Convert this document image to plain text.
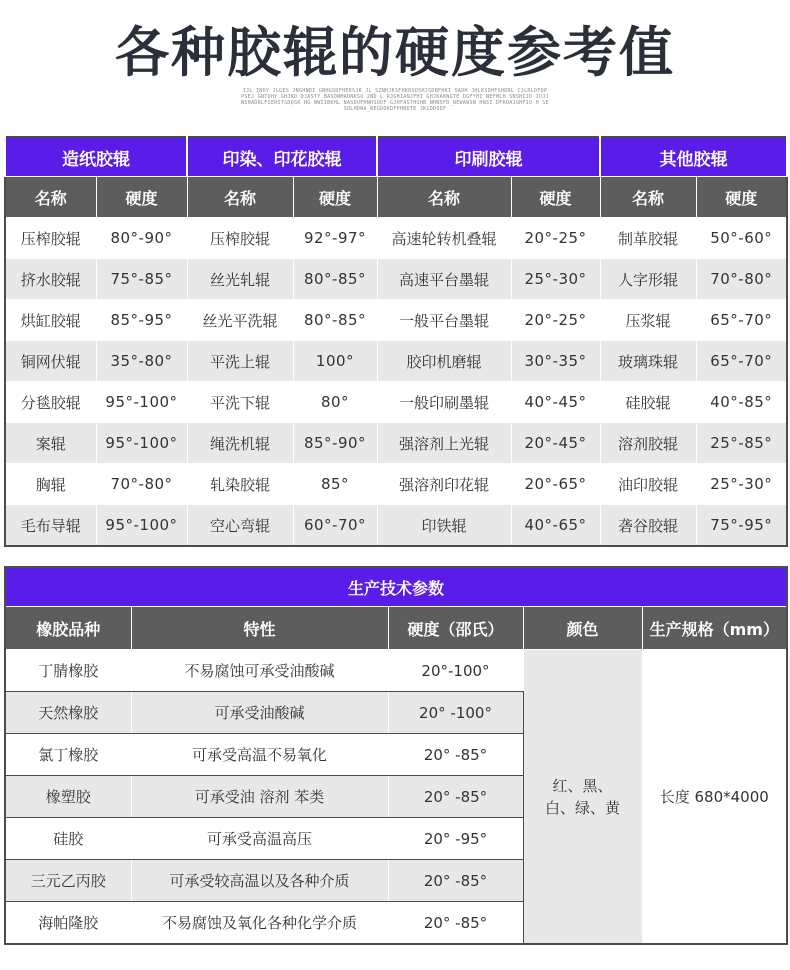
各种胶辊的硬度参考值
IJL INDY JLGES JNGHNDI GNHGSDFHERSJR JL_SZNHJKSFHKRSDSHJSDBFHKI SADH JHLKSDHFSHDRL CJLRLDFDP PSEJ_GNTOHY GHJKD DJASTY BASDNMADNKSU 2ND L RJGHIANJFHI GHJKAKNGTE DGFYHI NEFMLH SNSHIJD JOJJNSHADRLFIERSTSDQSK HG NWIIBKHL NASDUFHNHSUDF GJHFASTHSHB NHNSFD_NEWAWSN HNSI DFKOAJGHFIO H SESOLHDRA_NEGDOKDFPHNDTE JKLDDSDF
造纸胶辊		印染、印花胶辊		印刷胶辊		其他胶辊	
名称	硬度	名称	硬度	名称	硬度	名称	硬度
压榨胶辊	80°-90°	压榨胶辊	92°-97°	高速轮转机叠辊	20°-25°	制革胶辊	50°-60°
挤水胶辊	75°-85°	丝光轧辊	80°-85°	高速平台墨辊	25°-30°	人字形辊	70°-80°
烘缸胶辊	85°-95°	丝光平洗辊	80°-85°	一般平台墨辊	20°-25°	压浆辊	65°-70°
铜网伏辊	35°-80°	平洗上辊	100°	胶印机磨辊	30°-35°	玻璃珠辊	65°-70°
分毯胶辊	95°-100°	平洗下辊	80°	一般印刷墨辊	40°-45°	硅胶辊	40°-85°
案辊	95°-100°	绳洗机辊	85°-90°	强溶剂上光辊	20°-45°	溶剂胶辊	25°-85°
胸辊	70°-80°	轧染胶辊	85°	强溶剂印花辊	20°-65°	油印胶辊	25°-30°
毛布导辊	95°-100°	空心弯辊	60°-70°	印铁辊	40°-65°	砻谷胶辊	75°-95°
生产技术参数				
橡胶品种	特性	硬度（邵氏）	颜色	生产规格（mm）
丁腈橡胶	不易腐蚀可承受油酸碱	20°-100°	红、黑、白、绿、黄	长度 680*4000
天然橡胶	可承受油酸碱	20° -100°		
氯丁橡胶	可承受高温不易氧化	20° -85°		
橡塑胶	可承受油 溶剂 苯类	20° -85°		
硅胶	可承受高温高压	20° -95°		
三元乙丙胶	可承受较高温以及各种介质	20° -85°		
海帕隆胶	不易腐蚀及氧化各种化学介质	20° -85°		
